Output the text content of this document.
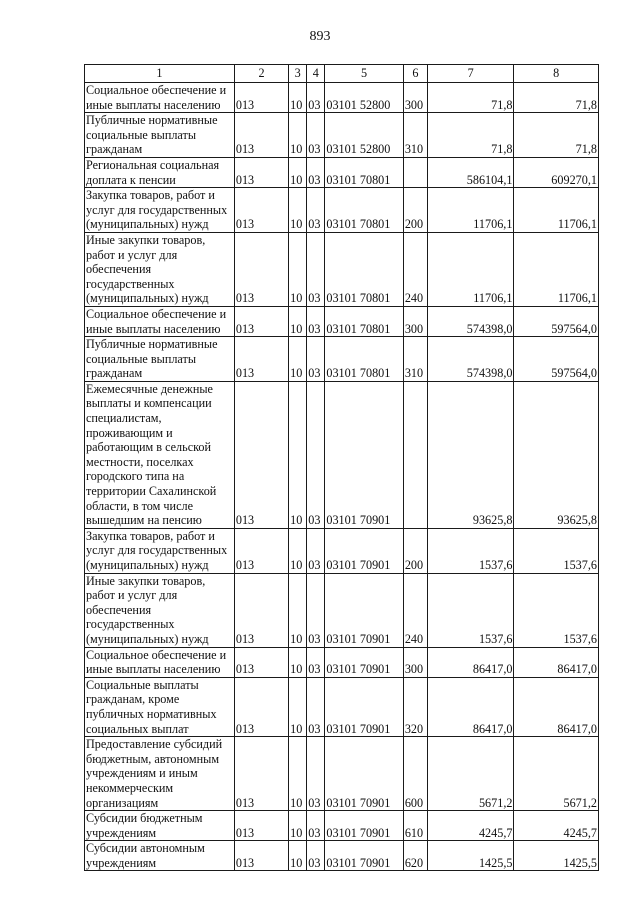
893
1	2	3	4	5	6	7	8
Социальное обеспечение и иные выплаты населению	013	10	03	03101 52800	300	71,8	71,8
Публичные нормативные социальные выплаты гражданам	013	10	03	03101 52800	310	71,8	71,8
Региональная социальная доплата к пенсии	013	10	03	03101 70801		586104,1	609270,1
Закупка товаров, работ и услуг для государственных (муниципальных) нужд	013	10	03	03101 70801	200	11706,1	11706,1
Иные закупки товаров, работ и услуг для обеспечения государственных (муниципальных) нужд	013	10	03	03101 70801	240	11706,1	11706,1
Социальное обеспечение и иные выплаты населению	013	10	03	03101 70801	300	574398,0	597564,0
Публичные нормативные социальные выплаты гражданам	013	10	03	03101 70801	310	574398,0	597564,0
Ежемесячные денежные выплаты и компенсации специалистам, проживающим и работающим в сельской местности, поселках городского типа на территории Сахалинской области, в том числе вышедшим на пенсию	013	10	03	03101 70901		93625,8	93625,8
Закупка товаров, работ и услуг для государственных (муниципальных) нужд	013	10	03	03101 70901	200	1537,6	1537,6
Иные закупки товаров, работ и услуг для обеспечения государственных (муниципальных) нужд	013	10	03	03101 70901	240	1537,6	1537,6
Социальное обеспечение и иные выплаты населению	013	10	03	03101 70901	300	86417,0	86417,0
Социальные выплаты гражданам, кроме публичных нормативных социальных выплат	013	10	03	03101 70901	320	86417,0	86417,0
Предоставление субсидий бюджетным, автономным учреждениям и иным некоммерческим организациям	013	10	03	03101 70901	600	5671,2	5671,2
Субсидии бюджетным учреждениям	013	10	03	03101 70901	610	4245,7	4245,7
Субсидии автономным учреждениям	013	10	03	03101 70901	620	1425,5	1425,5
